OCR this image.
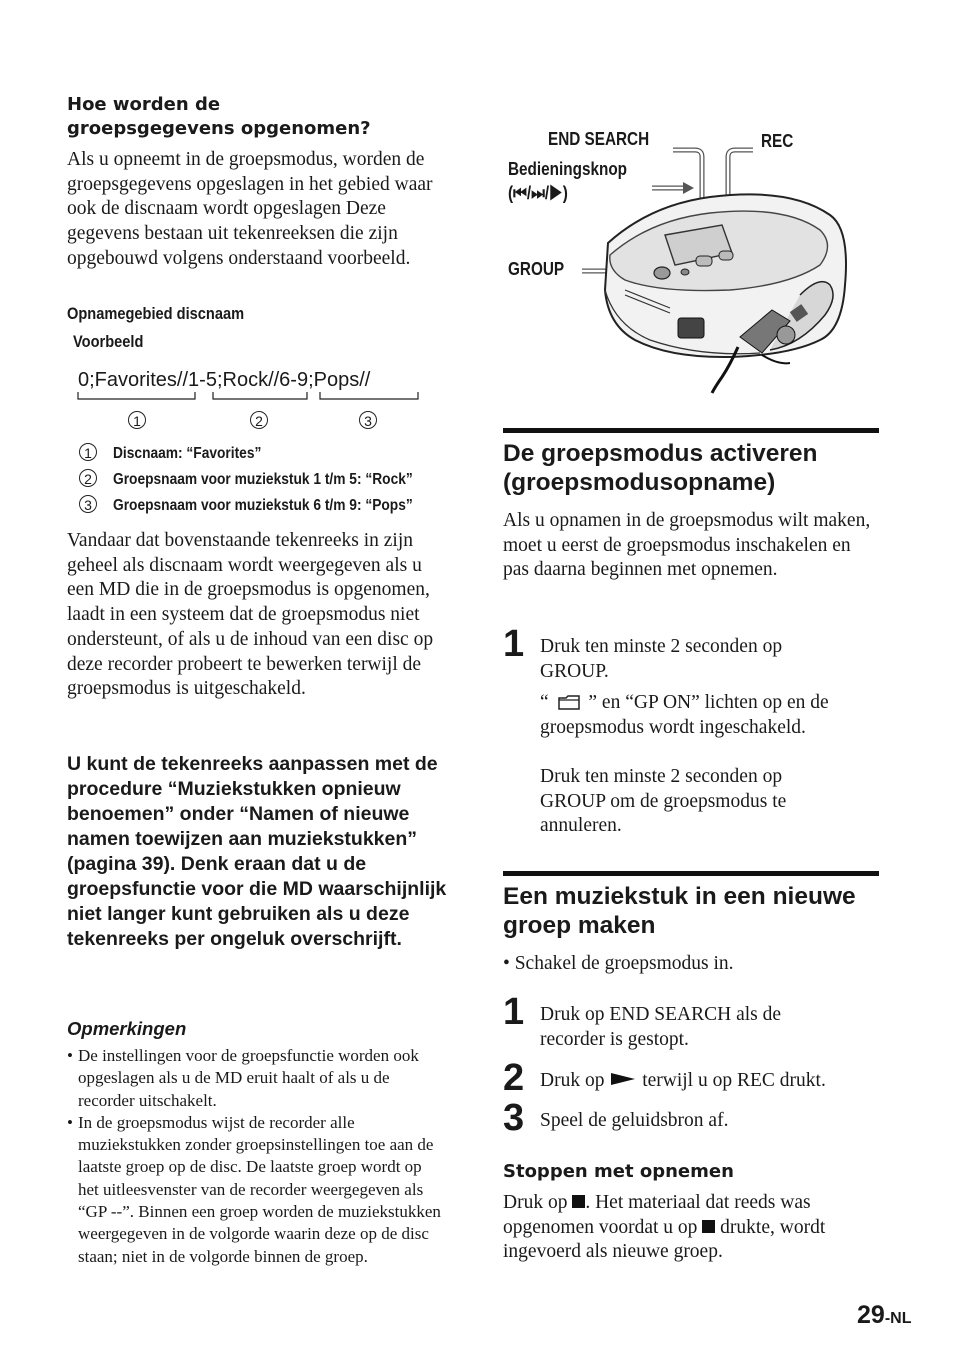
Hoe worden de
groepsgegevens opgenomen?
Als u opneemt in de groepsmodus, worden de groepsgegevens opgeslagen in het gebied waar ook de discnaam wordt opgeslagen Deze gegevens bestaan uit tekenreeksen die zijn opgebouwd volgens onderstaand voorbeeld.
Opnamegebied discnaam
Voorbeeld
0;Favorites//1-5;Rock//6-9;Pops//
1	2	3
1 Discnaam: “Favorites”
2 Groepsnaam voor muziekstuk 1 t/m 5: “Rock”
3 Groepsnaam voor muziekstuk 6 t/m 9: “Pops”
Vandaar dat bovenstaande tekenreeks in zijn geheel als discnaam wordt weergegeven als u een MD die in de groepsmodus is opgenomen, laadt in een systeem dat de groepsmodus niet ondersteunt, of als u de inhoud van een disc op deze recorder probeert te bewerken terwijl de groepsmodus is uitgeschakeld.
U kunt de tekenreeks aanpassen met de procedure “Muziekstukken opnieuw benoemen” onder “Namen of nieuwe namen toewijzen aan muziekstukken” (pagina 39). Denk eraan dat u de groepsfunctie voor die MD waarschijnlijk niet langer kunt gebruiken als u deze tekenreeks per ongeluk overschrijft.
Opmerkingen
• De instellingen voor de groepsfunctie worden ook opgeslagen als u de MD eruit haalt of als u de recorder uitschakelt.
• In de groepsmodus wijst de recorder alle muziekstukken zonder groepsinstellingen toe aan de laatste groep op de disc. De laatste groep wordt op het uitleesvenster van de recorder weergegeven als “GP --”. Binnen een groep worden de muziekstukken weergegeven in de volgorde waarin deze op de disc staan; niet in de volgorde binnen de groep.
END SEARCH	REC
Bedieningsknop
(⏮/⏭/▶)
GROUP
De groepsmodus activeren
(groepsmodusopname)
Als u opnamen in de groepsmodus wilt maken, moet u eerst de groepsmodus inschakelen en pas daarna beginnen met opnemen.
1 Druk ten minste 2 seconden op GROUP.
“ ” en “GP ON” lichten op en de groepsmodus wordt ingeschakeld.
Druk ten minste 2 seconden op GROUP om de groepsmodus te annuleren.
Een muziekstuk in een nieuwe
groep maken
• Schakel de groepsmodus in.
1 Druk op END SEARCH als de recorder is gestopt.
2 Druk op terwijl u op REC drukt.
3 Speel de geluidsbron af.
Stoppen met opnemen
Druk op . Het materiaal dat reeds was opgenomen voordat u op drukte, wordt ingevoerd als nieuwe groep.
29-NL
